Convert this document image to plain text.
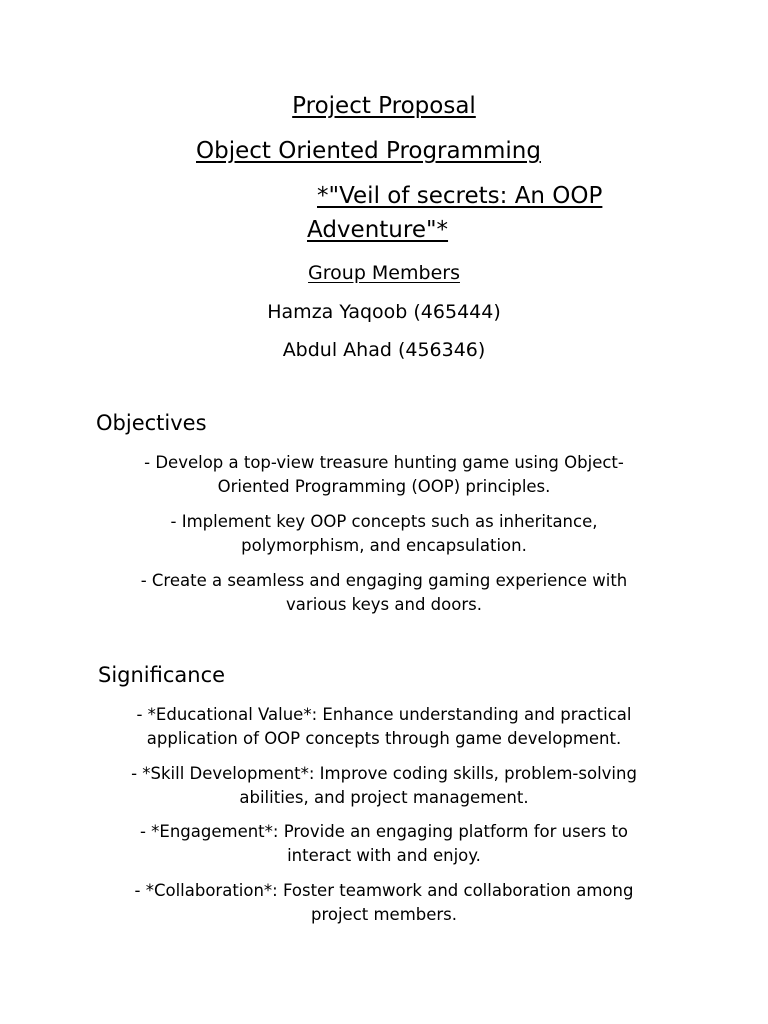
Project Proposal

Object Oriented Programming

*"Veil of secrets: An OOP

Adventure"*

Group Members

Hamza Yaqoob (465444)

Abdul Ahad (456346)

Objectives

- Develop a top-view treasure hunting game using Object-
Oriented Programming (OOP) principles.
- Implement key OOP concepts such as inheritance,
polymorphism, and encapsulation.
- Create a seamless and engaging gaming experience with
various keys and doors.

Significance

- *Educational Value*: Enhance understanding and practical
application of OOP concepts through game development.
- *Skill Development*: Improve coding skills, problem-solving
abilities, and project management.
- *Engagement*: Provide an engaging platform for users to
interact with and enjoy.
- *Collaboration*: Foster teamwork and collaboration among
project members.
